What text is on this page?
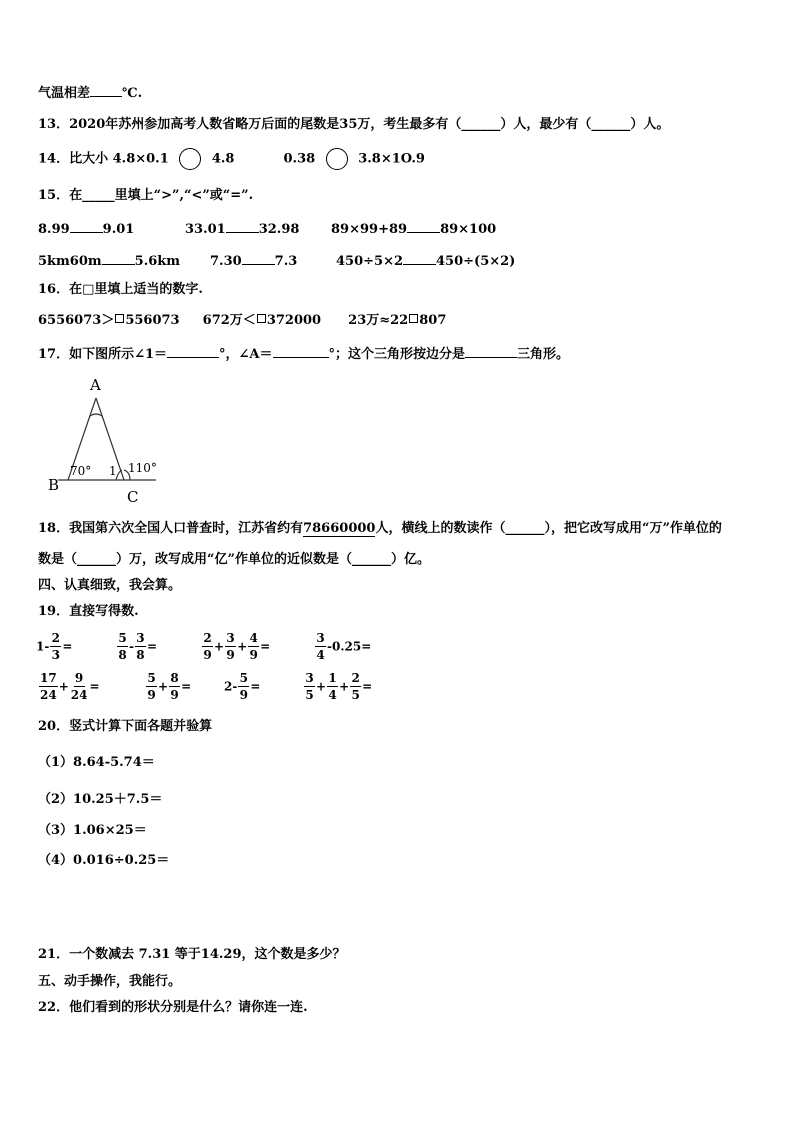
气温相差 ℃.
13．2020年苏州参加高考人数省略万后面的尾数是35万，考生最多有（______）人，最少有（______）人。
14．比大小 4.8×0.1	4.8	0.38	3.8×1O.9
15．在_____里填上“>”,“<”或“=”.
8.99	9.01	33.01	32.98 89×99+89	89×100
5km60m	5.6km 7.30	7.3	450÷5×2	450÷(5×2)
16．在□里填上适当的数字.
6556073＞ 556073 672万＜ 372000 23万≈22 807
17．如下图所示∠1＝	°，∠A＝	°；这个三角形按边分是	三角形。
A
B
C
70° 1 110°
18．我国第六次全国人口普查时，江苏省约有78660000人，横线上的数读作（______），把它改写成用“万”作单位的
数是（______）万，改写成用“亿”作单位的近似数是（______）亿。
四、认真细致，我会算。
19．直接写得数.
$1- \frac{2}{3}$ =	$\frac{5}{8} - \frac{3}{8}$ =	$\frac{2}{9} + \frac{3}{9} + \frac{4}{9}$ =	$\frac{3}{4} -0.25=$
$\frac{17}{24} + \frac{9}{24}$ =	$\frac{5}{9} + \frac{8}{9}$ =	$2- \frac{5}{9}$ =	$\frac{3}{5} + \frac{1}{4} + \frac{2}{5}$ =
20．竖式计算下面各题并验算
（1）8.64-5.74＝
（2）10.25＋7.5＝
（3）1.06×25＝
（4）0.016÷0.25＝
21．一个数减去 7.31 等于14.29，这个数是多少？
五、动手操作，我能行。
22．他们看到的形状分别是什么？请你连一连.
